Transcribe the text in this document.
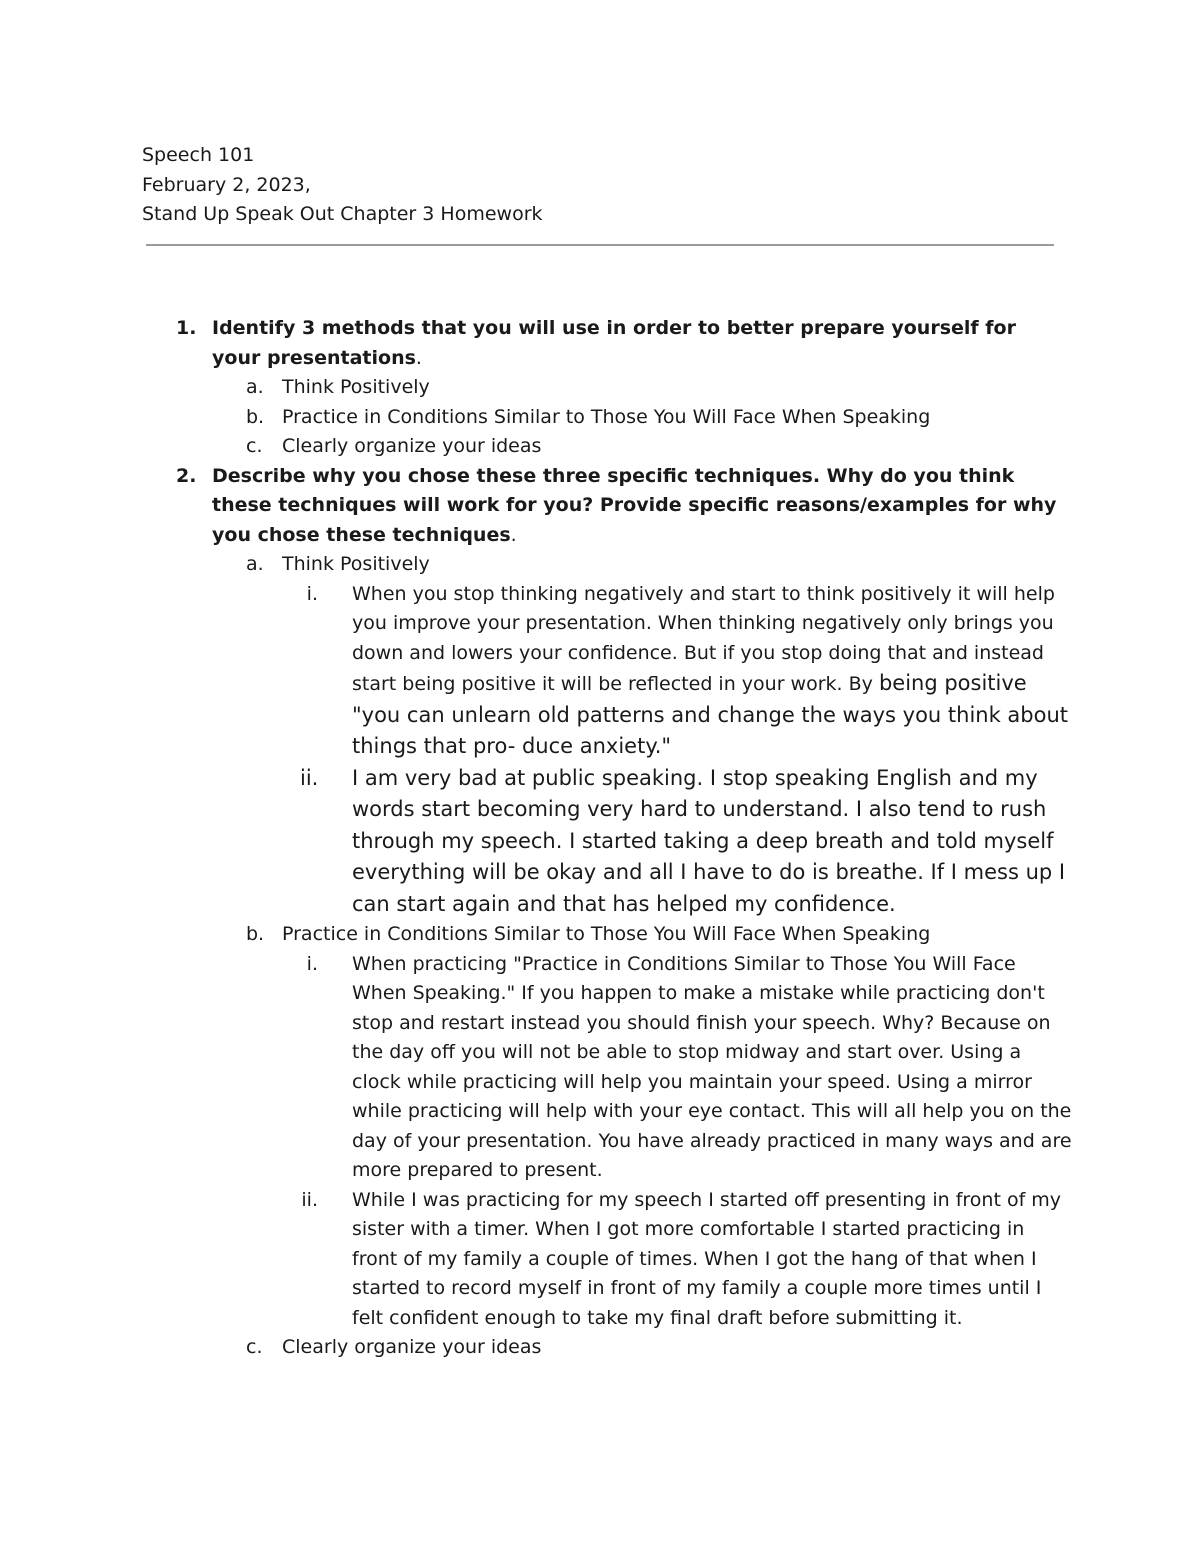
Speech 101
February 2, 2023,
Stand Up Speak Out Chapter 3 Homework
1. Identify 3 methods that you will use in order to better prepare yourself for your presentations.
a. Think Positively
b. Practice in Conditions Similar to Those You Will Face When Speaking
c. Clearly organize your ideas
2. Describe why you chose these three specific techniques. Why do you think these techniques will work for you? Provide specific reasons/examples for why you chose these techniques.
a. Think Positively
i. When you stop thinking negatively and start to think positively it will help you improve your presentation. When thinking negatively only brings you down and lowers your confidence. But if you stop doing that and instead start being positive it will be reflected in your work. By being positive "you can unlearn old patterns and change the ways you think about things that pro- duce anxiety."
ii. I am very bad at public speaking. I stop speaking English and my words start becoming very hard to understand. I also tend to rush through my speech. I started taking a deep breath and told myself everything will be okay and all I have to do is breathe. If I mess up I can start again and that has helped my confidence.
b. Practice in Conditions Similar to Those You Will Face When Speaking
i. When practicing "Practice in Conditions Similar to Those You Will Face When Speaking." If you happen to make a mistake while practicing don't stop and restart instead you should finish your speech. Why? Because on the day off you will not be able to stop midway and start over. Using a clock while practicing will help you maintain your speed. Using a mirror while practicing will help with your eye contact. This will all help you on the day of your presentation. You have already practiced in many ways and are more prepared to present.
ii. While I was practicing for my speech I started off presenting in front of my sister with a timer. When I got more comfortable I started practicing in front of my family a couple of times. When I got the hang of that when I started to record myself in front of my family a couple more times until I felt confident enough to take my final draft before submitting it.
c. Clearly organize your ideas
